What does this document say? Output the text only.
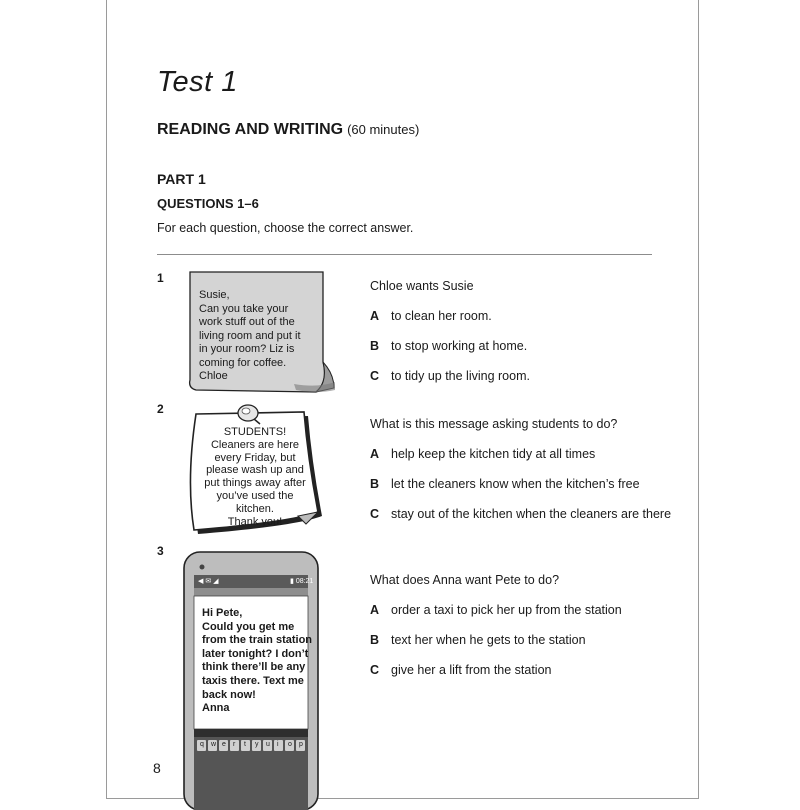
Test 1
READING AND WRITING (60 minutes)
PART 1
QUESTIONS 1–6
For each question, choose the correct answer.
1
Susie,
Can you take your
work stuff out of the
living room and put it
in your room? Liz is
coming for coffee.
Chloe
Chloe wants Susie
A to clean her room.
B to stop working at home.
C to tidy up the living room.
2
STUDENTS!
Cleaners are here
every Friday, but
please wash up and
put things away after
you’ve used the
kitchen.
Thank you!
What is this message asking students to do?
A help keep the kitchen tidy at all times
B let the cleaners know when the kitchen’s free
C stay out of the kitchen when the cleaners are there
3
◀ ✉ ◢	▮ 08:21
Hi Pete,
Could you get me
from the train station
later tonight? I don’t
think there’ll be any
taxis there. Text me
back now!
Anna
q w e r t y u i o p
What does Anna want Pete to do?
A order a taxi to pick her up from the station
B text her when he gets to the station
C give her a lift from the station
8
